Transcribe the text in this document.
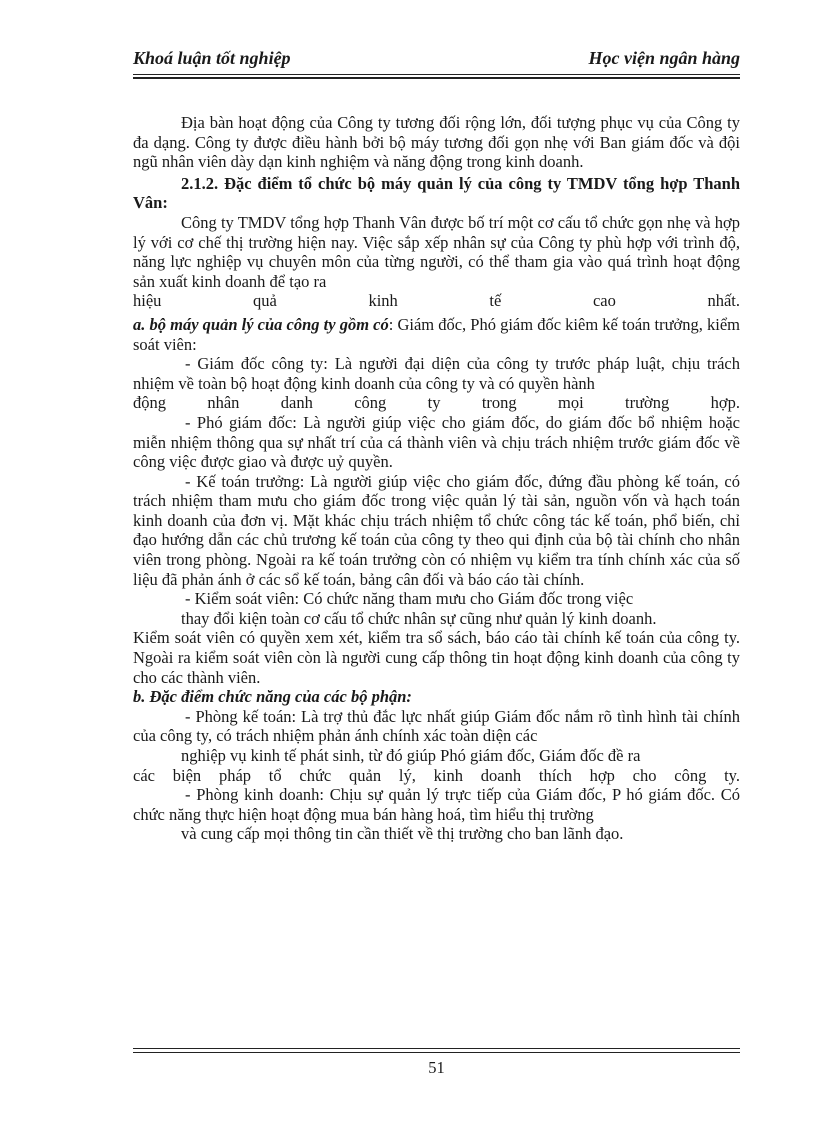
Khoá luận tốt nghiệp	Học viện ngân hàng

Địa bàn hoạt động của Công ty tương đối rộng lớn, đối tượng phục vụ của Công ty đa dạng. Công ty được điều hành bởi bộ máy tương đối gọn nhẹ với Ban giám đốc và đội ngũ nhân viên dày dạn kinh nghiệm và năng động trong kinh doanh.

2.1.2. Đặc điểm tổ chức bộ máy quản lý của công ty TMDV tổng hợp Thanh Vân:

Công ty TMDV tổng hợp Thanh Vân được bố trí một cơ cấu tổ chức gọn nhẹ và hợp lý với cơ chế thị trường hiện nay. Việc sắp xếp nhân sự của Công ty phù hợp với trình độ, năng lực nghiệp vụ chuyên môn của từng người, có thể tham gia vào quá trình hoạt động sản xuất kinh doanh để tạo ra

hiệu quả kinh tế cao nhất.

a. bộ máy quản lý của công ty gồm có: Giám đốc, Phó giám đốc kiêm kế toán trưởng, kiểm soát viên:

- Giám đốc công ty: Là người đại diện của công ty trước pháp luật, chịu trách nhiệm về toàn bộ hoạt động kinh doanh của công ty và có quyền hành

động nhân danh công ty trong mọi trường hợp.

- Phó giám đốc: Là người giúp việc cho giám đốc, do giám đốc bổ nhiệm hoặc miễn nhiệm thông qua sự nhất trí của cá thành viên và chịu trách nhiệm trước giám đốc về công việc được giao và được uỷ quyền.

- Kế toán trưởng: Là người giúp việc cho giám đốc, đứng đầu phòng kế toán, có trách nhiệm tham mưu cho giám đốc trong việc quản lý tài sản, nguồn vốn và hạch toán kinh doanh của đơn vị. Mặt khác chịu trách nhiệm tổ chức công tác kế toán, phổ biến, chỉ đạo hướng dẫn các chủ trương kế toán của công ty theo qui định của bộ tài chính cho nhân viên trong phòng. Ngoài ra kế toán trưởng còn có nhiệm vụ kiểm tra tính chính xác của số liệu đã phản ánh ở các sổ kế toán, bảng cân đối và báo cáo tài chính.

- Kiểm soát viên: Có chức năng tham mưu cho Giám đốc trong việc

thay đổi kiện toàn cơ cấu tổ chức nhân sự cũng như quản lý kinh doanh.

Kiểm soát viên có quyền xem xét, kiểm tra sổ sách, báo cáo tài chính kế toán của công ty. Ngoài ra kiểm soát viên còn là người cung cấp thông tin hoạt động kinh doanh của công ty cho các thành viên.

b. Đặc điểm chức năng của các bộ phận:

- Phòng kế toán: Là trợ thủ đắc lực nhất giúp Giám đốc nắm rõ tình hình tài chính của công ty, có trách nhiệm phản ánh chính xác toàn diện các

nghiệp vụ kinh tế phát sinh, từ đó giúp Phó giám đốc, Giám đốc đề ra

các biện pháp tổ chức quản lý, kinh doanh thích hợp cho công ty.

- Phòng kinh doanh: Chịu sự quản lý trực tiếp của Giám đốc, P hó giám đốc. Có chức năng thực hiện hoạt động mua bán hàng hoá, tìm hiểu thị trường

và cung cấp mọi thông tin cần thiết về thị trường cho ban lãnh đạo.

51
